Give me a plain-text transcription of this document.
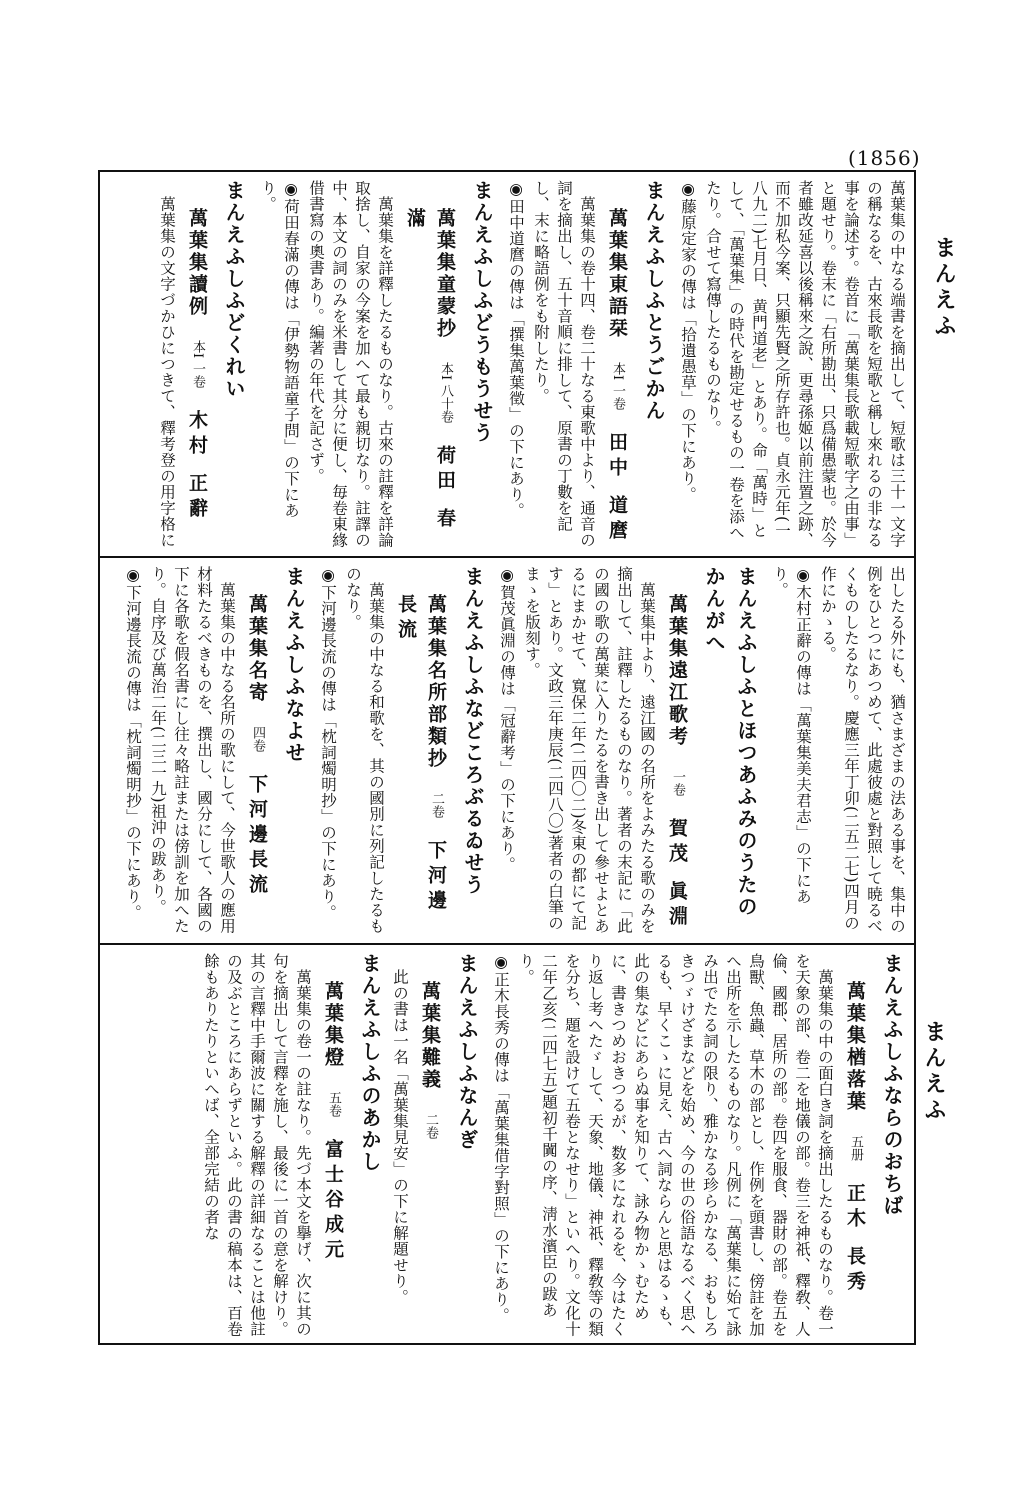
(1856)
まんえふ
まんえふ

萬葉集の中なる端書を摘出して、短歌は三十一文字の稱なるを、古來長歌を短歌と稱し來れるの非なる事を論述す。卷首に「萬葉集長歌載短歌字之由事」と題せり。卷末に「右所勘出、只爲備愚蒙也。於今者雖改延喜以後稱來之說、更尋孫姬以前注置之跡、而不加私今案、只顯先賢之所存許也。貞永元年(一八九二)七月日、黄門道老」とあり。命「萬時」として、「萬葉集」の時代を勘定せるもの一卷を添へたり。合せて寫傳したるものなり。

◉藤原定家の傳は「拾遺愚草」の下にあり。

まんえふしふとうごかん
萬葉集東語栞本I 一卷田中 道麿

萬葉集の卷十四、卷二十なる東歌中より、通音の詞を摘出し、五十音順に排して、原書の丁數を記し、末に略語例をも附したり。

◉田中道麿の傳は「撰集萬葉徵」の下にあり。

まんえふしふどうもうせう
萬葉集童蒙抄本I 八十卷荷田 春滿

萬葉集を詳釋したるものなり。古來の註釋を詳論取捨し、自家の今案を加へて最も親切なり。註譯の中、本文の詞のみを米書して其分に便し、毎卷東緣借書寫の奧書あり。編著の年代を記さず。

◉荷田春滿の傳は「伊勢物語童子問」の下にあり。

まんえふしふどくれい
萬葉集讀例本I 一卷木村 正辭

萬葉集の文字づかひにつきて、釋考登の用字格に

出したる外にも、猶さまざまの法ある事を、集中の例をひとつにあつめて、此處彼處と對照して暁るべくものしたるなり。慶應三年丁卯(二五二七)四月の作にかゝる。

◉木村正辭の傳は「萬葉集美夫君志」の下にあり。

まんえふしふとほつあふみのうたのかんがへ
萬葉集遠江歌考一卷賀茂 眞淵

萬葉集中より、遠江國の名所をよみたる歌のみを摘出して、註釋したるものなり。著者の末記に「此の國の歌の萬葉に入りたるを書き出して參せよとあるにまかせて、寬保二年(二四〇二)冬東の都にて記す」とあり。文政三年庚辰(二四八〇)著者の白筆のまゝを版刻す。

◉賀茂眞淵の傳は「冠辭考」の下にあり。

まんえふしふなどころぶるゐせう
萬葉集名所部類抄二卷下河邊長流

萬葉集の中なる和歌を、其の國別に列記したるものなり。

◉下河邊長流の傳は「枕詞燭明抄」の下にあり。

まんえふしふなよせ
萬葉集名寄四卷下河邊長流

萬葉集の中なる名所の歌にして、今世歌人の應用材料たるべきものを、撰出し、國分にして、各國の下に各歌を假名書にし往々略註または傍訓を加へたり。自序及び萬治二年(二三一九)祖沖の跋あり。

◉下河邊長流の傳は「枕詞燭明抄」の下にあり。

まんえふしふならのおちば
萬葉集楢落葉五册正木 長秀

萬葉集の中の面白き詞を摘出したるものなり。卷一を天象の部、卷二を地儀の部。卷三を神祇、釋敎、人倫、國郡、居所の部。卷四を服食、器財の部。卷五を鳥獸、魚蟲、草木の部とし、作例を頭書し、傍註を加へ出所を示したるものなり。凡例に「萬葉集に始て詠み出でたる詞の限り、雅かなる珍らかなる、おもしろきつゞけざまなどを始め、今の世の俗語なるべく思へるも、早くこゝに見え、古へ詞ならんと思はるゝも、此の集などにあらぬ事を知りて、詠み物かゝむために、書きつめおきつるが、数多になれるを、今はたくり返し考へたゞして、天象、地儀、神祇、釋敎等の類を分ち、題を設けて五卷となせり」といへり。文化十二年乙亥(二四七五)題初千闐の序、淸水濱臣の跋あり。

◉正木長秀の傳は「萬葉集借字對照」の下にあり。

まんえふしふなんぎ
萬葉集難義二卷

此の書は一名「萬葉集見安」の下に解題せり。

まんえふしふのあかし
萬葉集燈五卷富士谷成元

萬葉集の卷一の註なり。先づ本文を擧げ、次に其の句を摘出して言釋を施し、最後に一首の意を解けり。其の言釋中手爾波に關する解釋の詳細なることは他註の及ぶところにあらずといふ。此の書の稿本は、百卷餘もありたりといへば、全部完結の者な
